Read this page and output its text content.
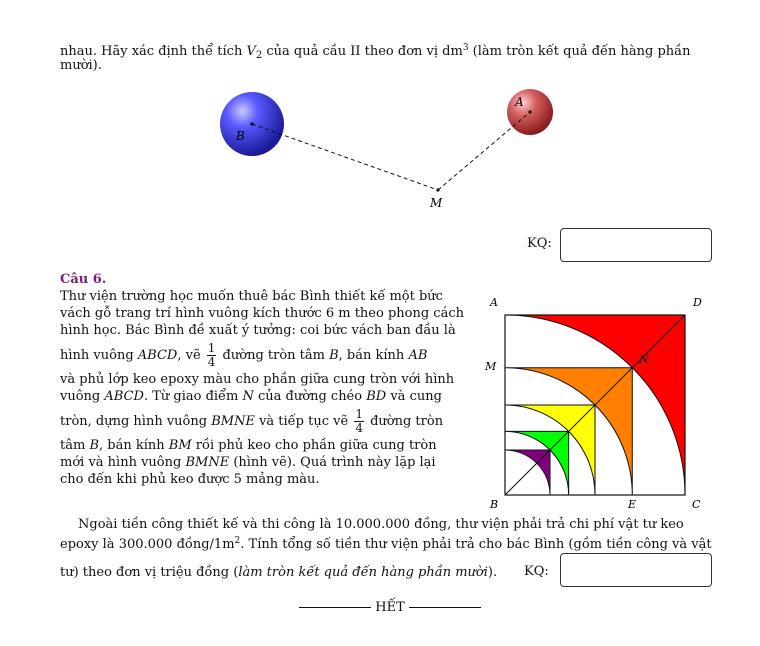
nhau. Hãy xác định thể tích $V_2$ của quả cầu II theo đơn vị $dm^3$ (làm tròn kết quả đến hàng phần
mười).
B
A
M
KQ:
Câu 6.
Thư viện trường học muốn thuê bác Bình thiết kế một bức
vách gỗ trang trí hình vuông kích thước 6 m theo phong cách
hình học. Bác Bình đề xuất ý tưởng: coi bức vách ban đầu là
hình vuông ABCD, vẽ $\frac{1}{4}$ đường tròn tâm B, bán kính AB
và phủ lớp keo epoxy màu cho phần giữa cung tròn với hình
vuông ABCD. Từ giao điểm N của đường chéo BD và cung
tròn, dựng hình vuông BMNE và tiếp tục vẽ $\frac{1}{4}$ đường tròn
tâm B, bán kính BM rồi phủ keo cho phần giữa cung tròn
mới và hình vuông BMNE (hình vẽ). Quá trình này lặp lại
cho đến khi phủ keo được 5 mảng màu.
A	D
M
N
B	E	C
Ngoài tiền công thiết kế và thi công là 10.000.000 đồng, thư viện phải trả chi phí vật tư keo
epoxy là 300.000 đồng/$1m^2$. Tính tổng số tiền thư viện phải trả cho bác Bình (gồm tiền công và vật
tư) theo đơn vị triệu đồng (làm tròn kết quả đến hàng phần mười). KQ:
HẾT
